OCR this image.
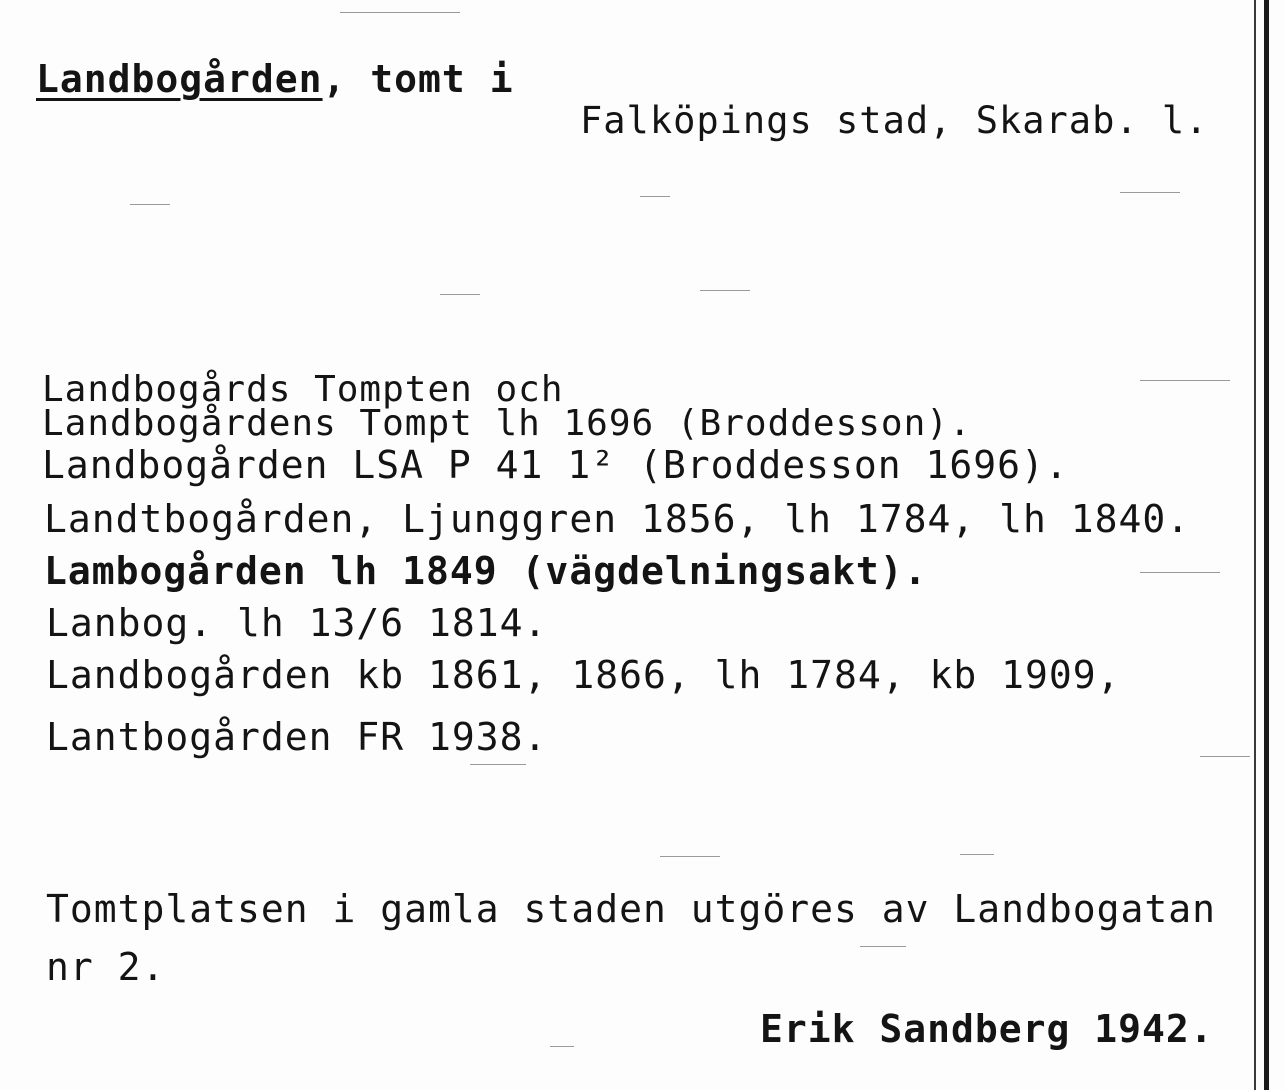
Landbogården, tomt i
Falköpings stad, Skarab. l.
Landbogårds Tompten och
Landbogårdens Tompt lh 1696 (Broddesson).
Landbogården LSA P 41 1² (Broddesson 1696).
Landtbogården, Ljunggren 1856, lh 1784, lh 1840.
Lambogården lh 1849 (vägdelningsakt).
Lanbog. lh 13/6 1814.
Landbogården kb 1861, 1866, lh 1784, kb 1909,
Lantbogården FR 1938.
Tomtplatsen i gamla staden utgöres av Landbogatan
nr 2.
Erik Sandberg 1942.
